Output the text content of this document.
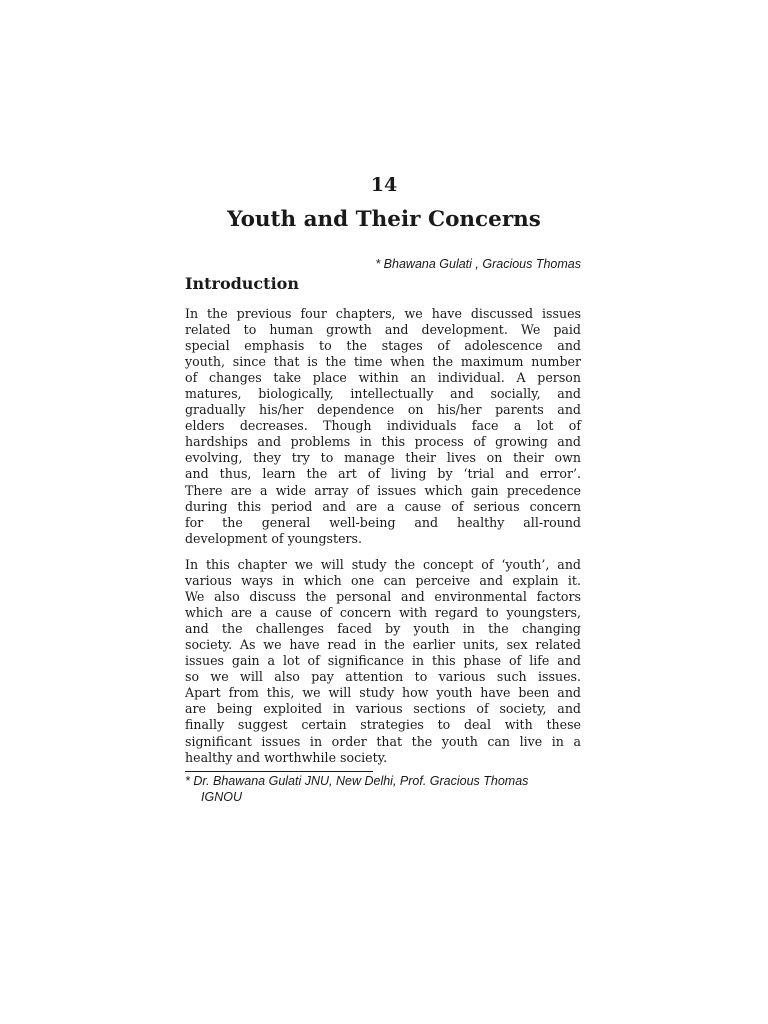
14
Youth and Their Concerns
* Bhawana Gulati , Gracious Thomas
Introduction

In the previous four chapters, we have discussed issues
related to human growth and development. We paid
special emphasis to the stages of adolescence and
youth, since that is the time when the maximum number
of changes take place within an individual. A person
matures, biologically, intellectually and socially, and
gradually his/her dependence on his/her parents and
elders decreases. Though individuals face a lot of
hardships and problems in this process of growing and
evolving, they try to manage their lives on their own
and thus, learn the art of living by ‘trial and error’.
There are a wide array of issues which gain precedence
during this period and are a cause of serious concern
for the general well-being and healthy all-round
development of youngsters.

In this chapter we will study the concept of ‘youth’, and
various ways in which one can perceive and explain it.
We also discuss the personal and environmental factors
which are a cause of concern with regard to youngsters,
and the challenges faced by youth in the changing
society. As we have read in the earlier units, sex related
issues gain a lot of significance in this phase of life and
so we will also pay attention to various such issues.
Apart from this, we will study how youth have been and
are being exploited in various sections of society, and
finally suggest certain strategies to deal with these
significant issues in order that the youth can live in a
healthy and worthwhile society.

* Dr. Bhawana Gulati JNU, New Delhi, Prof. Gracious Thomas
IGNOU
